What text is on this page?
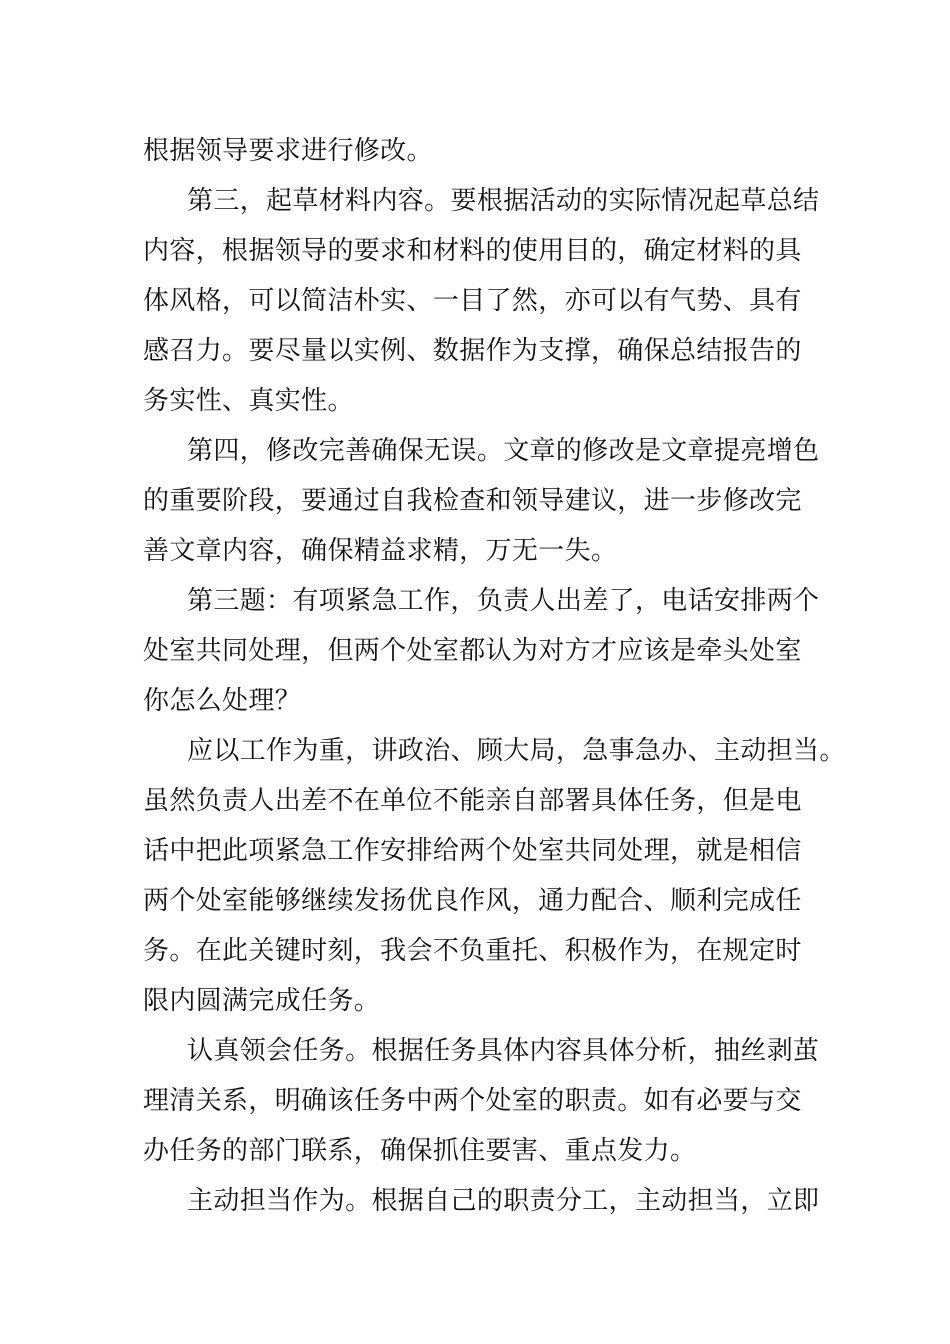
根据领导要求进行修改。
第三，起草材料内容。要根据活动的实际情况起草总结
内容，根据领导的要求和材料的使用目的，确定材料的具
体风格，可以简洁朴实、一目了然，亦可以有气势、具有
感召力。要尽量以实例、数据作为支撑，确保总结报告的
务实性、真实性。
第四，修改完善确保无误。文章的修改是文章提亮增色
的重要阶段，要通过自我检查和领导建议，进一步修改完
善文章内容，确保精益求精，万无一失。
第三题：有项紧急工作，负责人出差了，电话安排两个
处室共同处理，但两个处室都认为对方才应该是牵头处室
你怎么处理？
应以工作为重，讲政治、顾大局，急事急办、主动担当。
虽然负责人出差不在单位不能亲自部署具体任务，但是电
话中把此项紧急工作安排给两个处室共同处理，就是相信
两个处室能够继续发扬优良作风，通力配合、顺利完成任
务。在此关键时刻，我会不负重托、积极作为，在规定时
限内圆满完成任务。
认真领会任务。根据任务具体内容具体分析，抽丝剥茧
理清关系，明确该任务中两个处室的职责。如有必要与交
办任务的部门联系，确保抓住要害、重点发力。
主动担当作为。根据自己的职责分工，主动担当，立即
